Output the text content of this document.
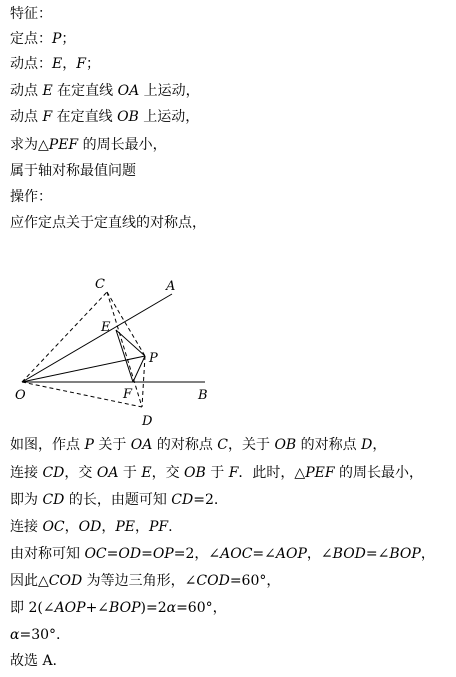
特征：
定点：P；
动点：E，F；
动点 E 在定直线 OA 上运动，
动点 F 在定直线 OB 上运动，
求为△PEF 的周长最小，
属于轴对称最值问题
操作：
应作定点关于定直线的对称点，
如图，作点 P 关于 OA 的对称点 C，关于 OB 的对称点 D，
连接 CD，交 OA 于 E，交 OB 于 F．此时，△PEF 的周长最小，
即为 CD 的长，由题可知 CD=2.
连接 OC，OD，PE，PF.
由对称可知 OC=OD=OP=2，∠AOC=∠AOP，∠BOD=∠BOP，
因此△COD 为等边三角形，∠COD=60°，
即 2(∠AOP+∠BOP)=2α=60°，
α=30°.
故选 A.
C	A
E
P
O	F	B
D
